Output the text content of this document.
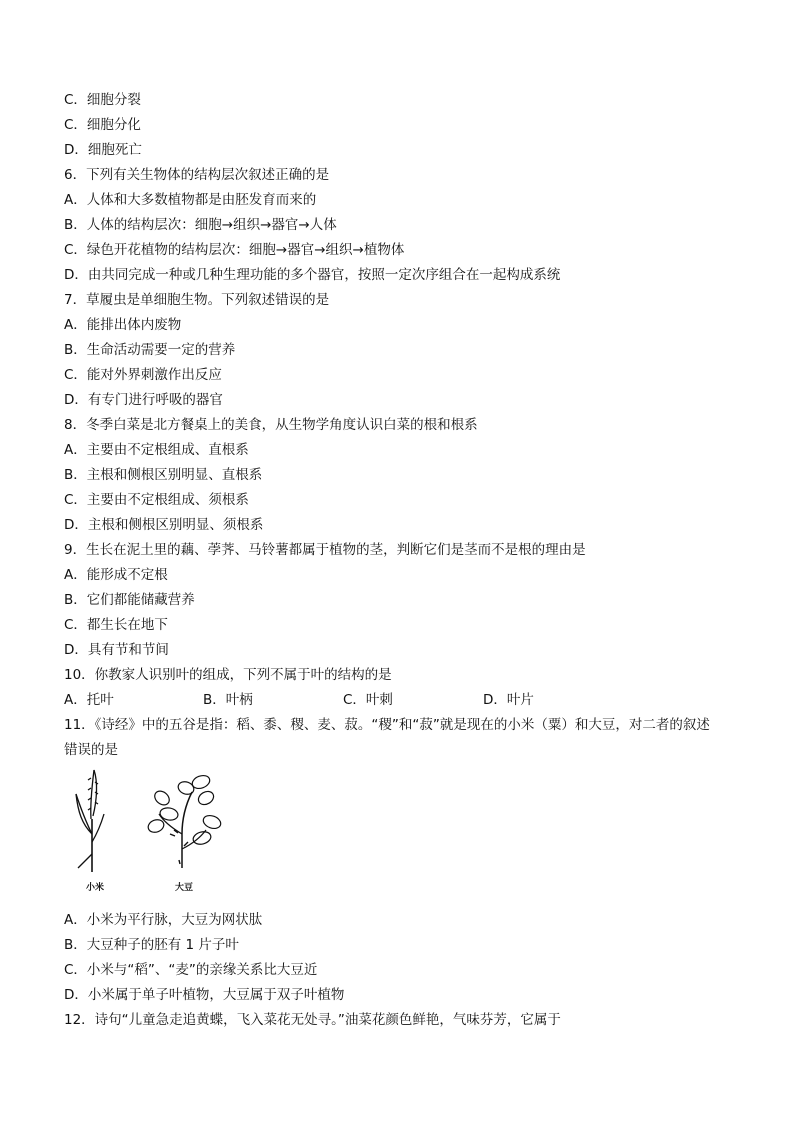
C．细胞分裂
C．细胞分化
D．细胞死亡
6．下列有关生物体的结构层次叙述正确的是
A．人体和大多数植物都是由胚发育而来的
B．人体的结构层次：细胞→组织→器官→人体
C．绿色开花植物的结构层次：细胞→器官→组织→植物体
D．由共同完成一种或几种生理功能的多个器官，按照一定次序组合在一起构成系统
7．草履虫是单细胞生物。下列叙述错误的是
A．能排出体内废物
B．生命活动需要一定的营养
C．能对外界刺激作出反应
D．有专门进行呼吸的器官
8．冬季白菜是北方餐桌上的美食，从生物学角度认识白菜的根和根系
A．主要由不定根组成、直根系
B．主根和侧根区别明显、直根系
C．主要由不定根组成、须根系
D．主根和侧根区别明显、须根系
9．生长在泥土里的藕、荸荠、马铃薯都属于植物的茎，判断它们是茎而不是根的理由是
A．能形成不定根
B．它们都能储藏营养
C．都生长在地下
D．具有节和节间
10．你教家人识别叶的组成，下列不属于叶的结构的是
A．托叶	B．叶柄	C．叶刺	D．叶片
11．《诗经》中的五谷是指：稻、黍、稷、麦、菽。“稷”和“菽”就是现在的小米（粟）和大豆，对二者的叙述
错误的是
小米	大豆
A．小米为平行脉，大豆为网状肽
B．大豆种子的胚有 1 片子叶
C．小米与“稻”、“麦”的亲缘关系比大豆近
D．小米属于单子叶植物，大豆属于双子叶植物
12．诗句“儿童急走追黄蝶，飞入菜花无处寻。”油菜花颜色鲜艳，气味芬芳，它属于
